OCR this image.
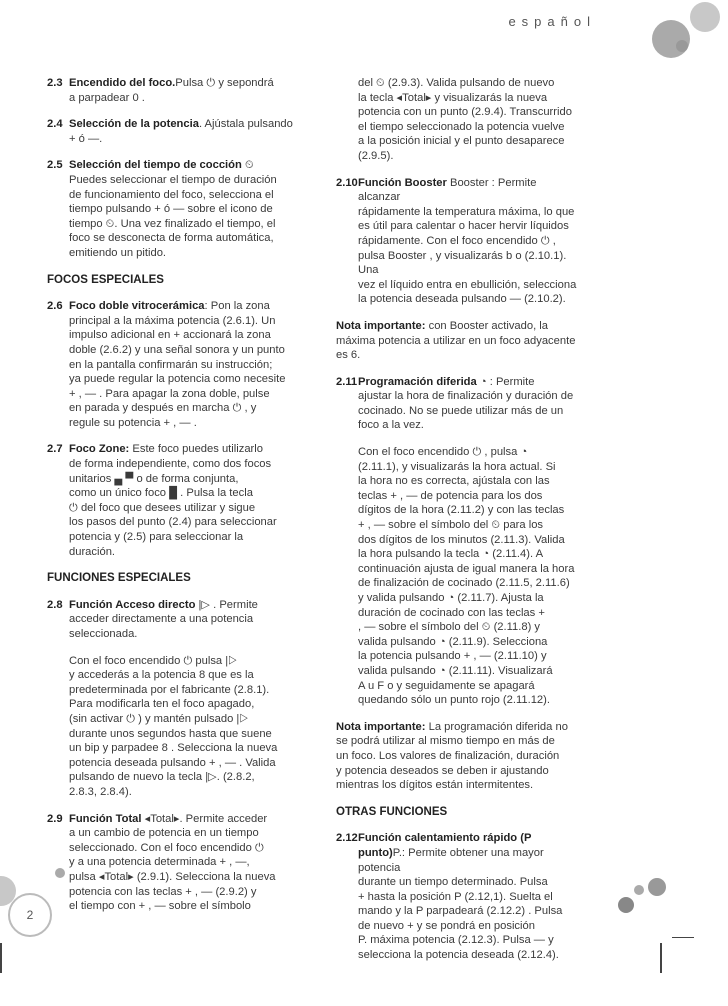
español
2
2.3 Encendido del foco.Pulsa ⏻ y sepondrá
a parpadear 0 .
2.4 Selección de la potencia. Ajústala pulsando
+ ó —.
2.5 Selección del tiempo de cocción ⏲
Puedes seleccionar el tiempo de duración
de funcionamiento del foco, selecciona el
tiempo pulsando + ó — sobre el icono de
tiempo ⏲. Una vez finalizado el tiempo, el
foco se desconecta de forma automática,
emitiendo un pitido.
FOCOS ESPECIALES
2.6 Foco doble vitrocerámica: Pon la zona
principal a la máxima potencia (2.6.1). Un
impulso adicional en + accionará la zona
doble (2.6.2) y una señal sonora y un punto
en la pantalla confirmarán su instrucción;
ya puede regular la potencia como necesite
+ , — . Para apagar la zona doble, pulse
en parada y después en marcha ⏻ , y
regule su potencia + , — .
2.7 Foco Zone: Este foco puedes utilizarlo
de forma independiente, como dos focos
unitarios ▄ ▀ o de forma conjunta,
como un único foco █ . Pulsa la tecla
⏻ del foco que desees utilizar y sigue
los pasos del punto (2.4) para seleccionar
potencia y (2.5) para seleccionar la
duración.
FUNCIONES ESPECIALES
2.8 Función Acceso directo |▷ . Permite
acceder directamente a una potencia
seleccionada.
Con el foco encendido ⏻ pulsa |▷
y accederás a la potencia 8 que es la
predeterminada por el fabricante (2.8.1).
Para modificarla ten el foco apagado,
(sin activar ⏻ ) y mantén pulsado |▷
durante unos segundos hasta que suene
un bip y parpadee 8 . Selecciona la nueva
potencia deseada pulsando + , — . Valida
pulsando de nuevo la tecla |▷. (2.8.2,
2.8.3, 2.8.4).
2.9 Función Total ◂Total▸. Permite acceder
a un cambio de potencia en un tiempo
seleccionado. Con el foco encendido ⏻
y a una potencia determinada + , —,
pulsa ◂Total▸ (2.9.1). Selecciona la nueva
potencia con las teclas + , — (2.9.2) y
el tiempo con + , — sobre el símbolo
del ⏲ (2.9.3). Valida pulsando de nuevo
la tecla ◂Total▸ y visualizarás la nueva
potencia con un punto (2.9.4). Transcurrido
el tiempo seleccionado la potencia vuelve
a la posición inicial y el punto desaparece
(2.9.5).
2.10 Función Booster Booster : Permite alcanzar
rápidamente la temperatura máxima, lo que
es útil para calentar o hacer hervir líquidos
rápidamente. Con el foco encendido ⏻ ,
pulsa Booster , y visualizarás b o (2.10.1). Una
vez el líquido entra en ebullición, selecciona
la potencia deseada pulsando — (2.10.2).
Nota importante: con Booster activado, la
máxima potencia a utilizar en un foco adyacente
es 6.
2.11 Programación diferida ◔ : Permite
ajustar la hora de finalización y duración de
cocinado. No se puede utilizar más de un
foco a la vez.
Con el foco encendido ⏻ , pulsa ◔
(2.11.1), y visualizarás la hora actual. Si
la hora no es correcta, ajústala con las
teclas + , — de potencia para los dos
dígitos de la hora (2.11.2) y con las teclas
+ , — sobre el símbolo del ⏲ para los
dos dígitos de los minutos (2.11.3). Valida
la hora pulsando la tecla ◔ (2.11.4). A
continuación ajusta de igual manera la hora
de finalización de cocinado (2.11.5, 2.11.6)
y valida pulsando ◔ (2.11.7). Ajusta la
duración de cocinado con las teclas +
, — sobre el símbolo del ⏲ (2.11.8) y
valida pulsando ◔ (2.11.9). Selecciona
la potencia pulsando + , — (2.11.10) y
valida pulsando ◔ (2.11.11). Visualizará
A u F o y seguidamente se apagará
quedando sólo un punto rojo (2.11.12).
Nota importante: La programación diferida no
se podrá utilizar al mismo tiempo en más de
un foco. Los valores de finalización, duración
y potencia deseados se deben ir ajustando
mientras los dígitos están intermitentes.
OTRAS FUNCIONES
2.12 Función calentamiento rápido (P punto)P.: Permite obtener una mayor potencia
durante un tiempo determinado. Pulsa
+ hasta la posición P (2.12,1). Suelta el
mando y la P parpadeará (2.12.2) . Pulsa
de nuevo + y se pondrá en posición
P. máxima potencia (2.12.3). Pulsa — y
selecciona la potencia deseada (2.12.4).
